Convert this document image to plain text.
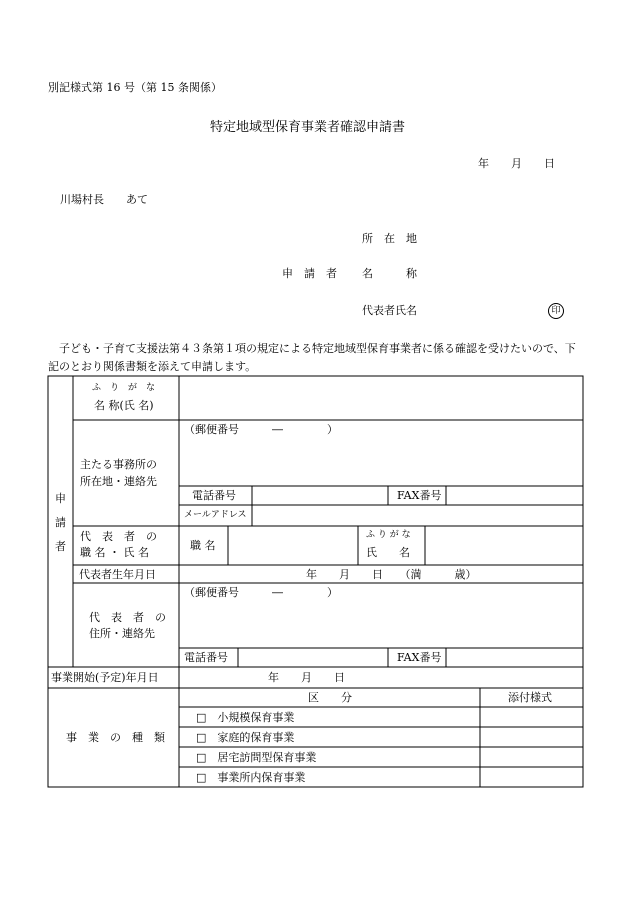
別記様式第 16 号（第 15 条関係）
特定地域型保育事業者確認申請書
年　　月　　日
川場村長　　あて
所　在　地
申　請　者 名　　　称
代表者氏名	印
子ども・子育て支援法第４３条第１項の規定による特定地域型保育事業者に係る確認を受けたいので、下記のとおり関係書類を添えて申請します。
申
請
者
ふ　り　が　な
名 称(氏 名)
（郵便番号　　　―　　　　）
主たる事務所の
所在地・連絡先
電話番号	FAX番号
メールアドレス
代　表　者　の
職 名 ・ 氏 名
職 名
ふ り が な
氏　　名
代表者生年月日	年　　月　　日　　（満　　　歳）
（郵便番号　　　―　　　　）
代　表　者　の
住所・連絡先
電話番号	FAX番号
事業開始(予定)年月日	年　　月　　日
事　業　の　種　類
区　　分	添付様式
□　小規模保育事業
□　家庭的保育事業
□　居宅訪問型保育事業
□　事業所内保育事業
